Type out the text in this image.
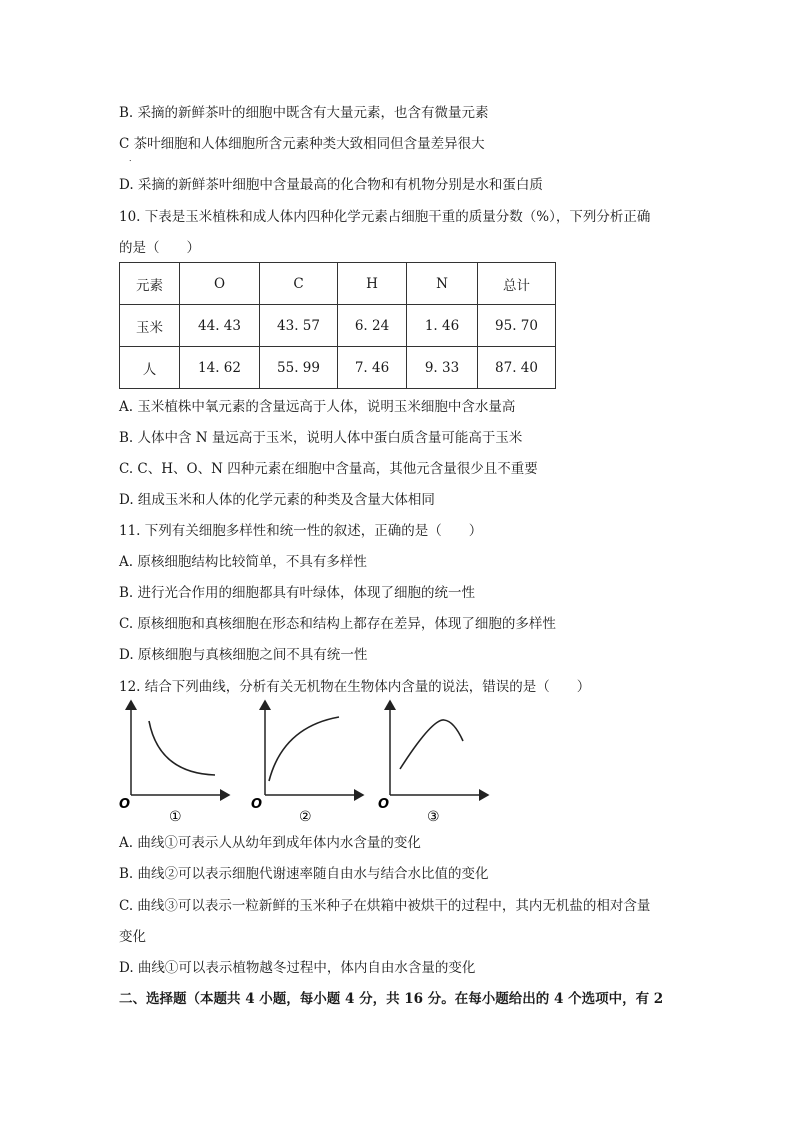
B. 采摘的新鲜茶叶的细胞中既含有大量元素，也含有微量元素
C 茶叶细胞和人体细胞所含元素种类大致相同但含量差异很大
．
D. 采摘的新鲜茶叶细胞中含量最高的化合物和有机物分别是水和蛋白质
10. 下表是玉米植株和成人体内四种化学元素占细胞干重的质量分数（%），下列分析正确
的是（　　）
元素	O	C	H	N	总计
玉米	44. 43	43. 57	6. 24	1. 46	95. 70
人	14. 62	55. 99	7. 46	9. 33	87. 40
A. 玉米植株中氧元素的含量远高于人体，说明玉米细胞中含水量高
B. 人体中含 N 量远高于玉米，说明人体中蛋白质含量可能高于玉米
C. C、H、O、N 四种元素在细胞中含量高，其他元含量很少且不重要
D. 组成玉米和人体的化学元素的种类及含量大体相同
11. 下列有关细胞多样性和统一性的叙述，正确的是（　　）
A. 原核细胞结构比较简单，不具有多样性
B. 进行光合作用的细胞都具有叶绿体，体现了细胞的统一性
C. 原核细胞和真核细胞在形态和结构上都存在差异，体现了细胞的多样性
D. 原核细胞与真核细胞之间不具有统一性
12. 结合下列曲线，分析有关无机物在生物体内含量的说法，错误的是（　　）
O
①
O
②
O
③
A. 曲线①可表示人从幼年到成年体内水含量的变化
B. 曲线②可以表示细胞代谢速率随自由水与结合水比值的变化
C. 曲线③可以表示一粒新鲜的玉米种子在烘箱中被烘干的过程中，其内无机盐的相对含量
变化
D. 曲线①可以表示植物越冬过程中，体内自由水含量的变化
二、选择题（本题共 4 小题，每小题 4 分，共 16 分。在每小题给出的 4 个选项中，有 2
